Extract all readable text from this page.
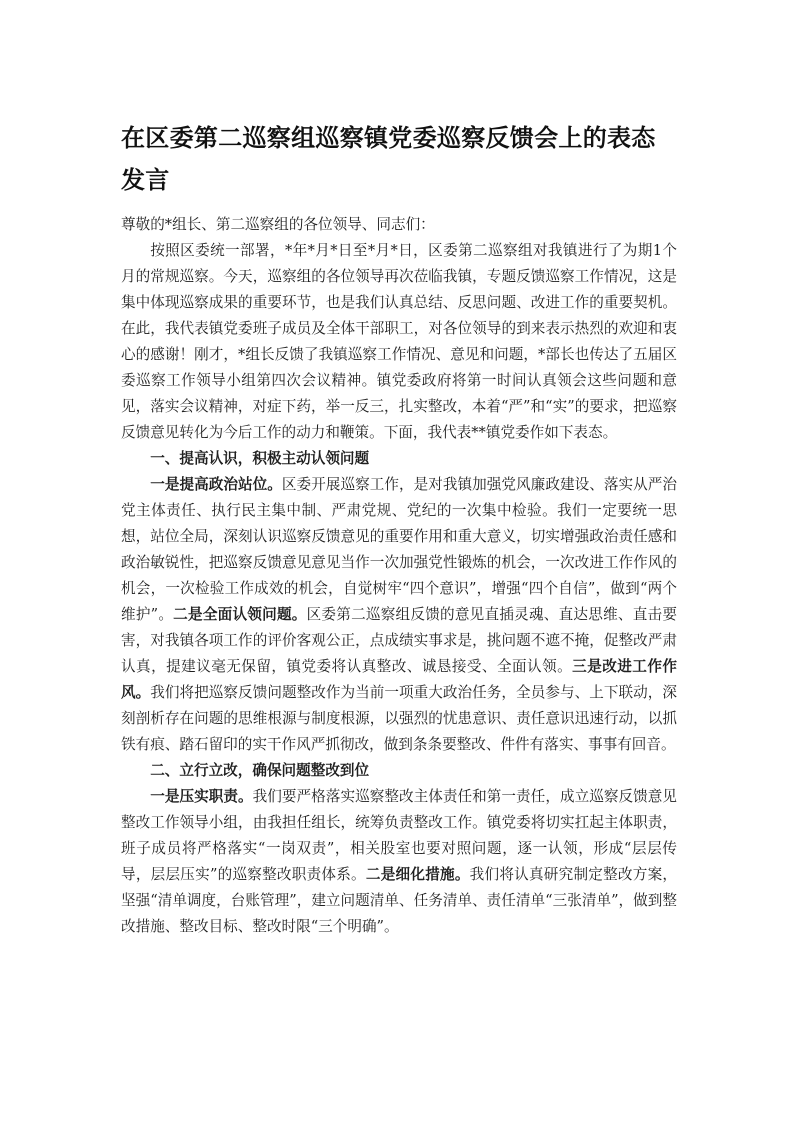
在区委第二巡察组巡察镇党委巡察反馈会上的表态发言

尊敬的*组长、第二巡察组的各位领导、同志们：

按照区委统一部署，*年*月*日至*月*日，区委第二巡察组对我镇进行了为期1个月的常规巡察。今天，巡察组的各位领导再次莅临我镇，专题反馈巡察工作情况，这是集中体现巡察成果的重要环节，也是我们认真总结、反思问题、改进工作的重要契机。在此，我代表镇党委班子成员及全体干部职工，对各位领导的到来表示热烈的欢迎和衷心的感谢！刚才，*组长反馈了我镇巡察工作情况、意见和问题，*部长也传达了五届区委巡察工作领导小组第四次会议精神。镇党委政府将第一时间认真领会这些问题和意见，落实会议精神，对症下药，举一反三，扎实整改，本着“严”和“实”的要求，把巡察反馈意见转化为今后工作的动力和鞭策。下面，我代表**镇党委作如下表态。

一、提高认识，积极主动认领问题

一是提高政治站位。区委开展巡察工作，是对我镇加强党风廉政建设、落实从严治党主体责任、执行民主集中制、严肃党规、党纪的一次集中检验。我们一定要统一思想，站位全局，深刻认识巡察反馈意见的重要作用和重大意义，切实增强政治责任感和政治敏锐性，把巡察反馈意见意见当作一次加强党性锻炼的机会，一次改进工作作风的机会，一次检验工作成效的机会，自觉树牢“四个意识”，增强“四个自信”，做到“两个维护”。二是全面认领问题。区委第二巡察组反馈的意见直插灵魂、直达思维、直击要害，对我镇各项工作的评价客观公正，点成绩实事求是，挑问题不遮不掩，促整改严肃认真，提建议毫无保留，镇党委将认真整改、诚恳接受、全面认领。三是改进工作作风。我们将把巡察反馈问题整改作为当前一项重大政治任务，全员参与、上下联动，深刻剖析存在问题的思维根源与制度根源，以强烈的忧患意识、责任意识迅速行动，以抓铁有痕、踏石留印的实干作风严抓彻改，做到条条要整改、件件有落实、事事有回音。

二、立行立改，确保问题整改到位

一是压实职责。我们要严格落实巡察整改主体责任和第一责任，成立巡察反馈意见整改工作领导小组，由我担任组长，统筹负责整改工作。镇党委将切实扛起主体职责，班子成员将严格落实“一岗双责”，相关股室也要对照问题，逐一认领，形成“层层传导，层层压实”的巡察整改职责体系。二是细化措施。我们将认真研究制定整改方案，坚强“清单调度，台账管理”，建立问题清单、任务清单、责任清单“三张清单”，做到整改措施、整改目标、整改时限“三个明确”。
